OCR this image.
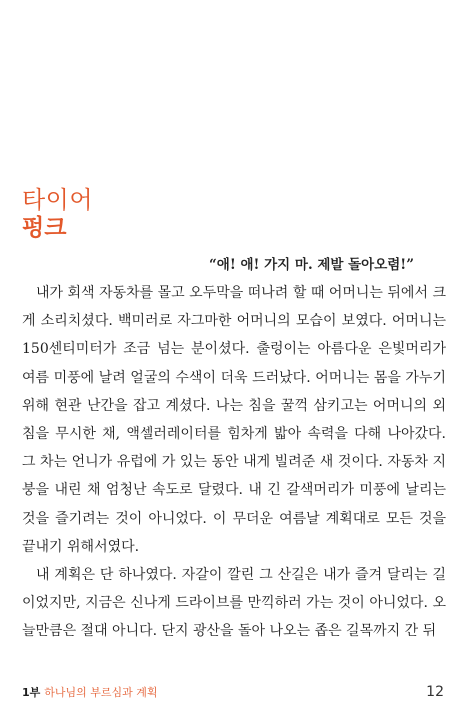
타이어
펑크

“애! 애! 가지 마. 제발 돌아오렴!”

내가 회색 자동차를 몰고 오두막을 떠나려 할 때 어머니는 뒤에서 크게 소리치셨다. 백미러로 자그마한 어머니의 모습이 보였다. 어머니는 150센티미터가 조금 넘는 분이셨다. 출렁이는 아름다운 은빛머리가 여름 미풍에 날려 얼굴의 수색이 더욱 드러났다. 어머니는 몸을 가누기 위해 현관 난간을 잡고 계셨다. 나는 침을 꿀꺽 삼키고는 어머니의 외침을 무시한 채, 액셀러레이터를 힘차게 밟아 속력을 다해 나아갔다. 그 차는 언니가 유럽에 가 있는 동안 내게 빌려준 새 것이다. 자동차 지붕을 내린 채 엄청난 속도로 달렸다. 내 긴 갈색머리가 미풍에 날리는 것을 즐기려는 것이 아니었다. 이 무더운 여름날 계획대로 모든 것을 끝내기 위해서였다.

내 계획은 단 하나였다. 자갈이 깔린 그 산길은 내가 즐겨 달리는 길이었지만, 지금은 신나게 드라이브를 만끽하러 가는 것이 아니었다. 오늘만큼은 절대 아니다. 단지 광산을 돌아 나오는 좁은 길목까지 간 뒤

1부 하나님의 부르심과 계획	12
